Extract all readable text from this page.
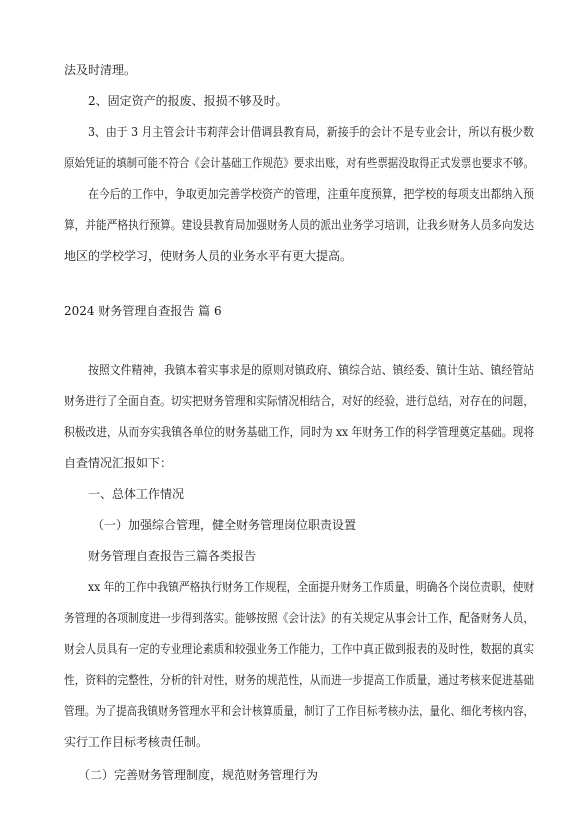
法及时清理。

2、固定资产的报废、报损不够及时。

3、由于 3 月主管会计韦莉萍会计借调县教育局，新接手的会计不是专业会计，所以有极少数

原始凭证的填制可能不符合《会计基础工作规范》要求出账，对有些票据没取得正式发票也要求不够。

在今后的工作中，争取更加完善学校资产的管理，注重年度预算，把学校的每项支出都纳入预

算，并能严格执行预算。建设县教育局加强财务人员的派出业务学习培训，让我乡财务人员多向发达

地区的学校学习，使财务人员的业务水平有更大提高。

2024 财务管理自查报告 篇 6

按照文件精神，我镇本着实事求是的原则对镇政府、镇综合站、镇经委、镇计生站、镇经管站

财务进行了全面自查。切实把财务管理和实际情况相结合，对好的经验，进行总结，对存在的问题，

积极改进，从而夯实我镇各单位的财务基础工作，同时为 xx 年财务工作的科学管理奠定基础。现将

自查情况汇报如下：

一、总体工作情况

（一）加强综合管理，健全财务管理岗位职责设置

财务管理自查报告三篇各类报告

xx 年的工作中我镇严格执行财务工作规程，全面提升财务工作质量，明确各个岗位责职，使财

务管理的各项制度进一步得到落实。能够按照《会计法》的有关规定从事会计工作，配备财务人员，

财会人员具有一定的专业理论素质和较强业务工作能力，工作中真正做到报表的及时性，数据的真实

性，资料的完整性，分析的针对性，财务的规范性，从而进一步提高工作质量，通过考核来促进基础

管理。为了提高我镇财务管理水平和会计核算质量，制订了工作目标考核办法，量化、细化考核内容，

实行工作目标考核责任制。

（二）完善财务管理制度，规范财务管理行为
